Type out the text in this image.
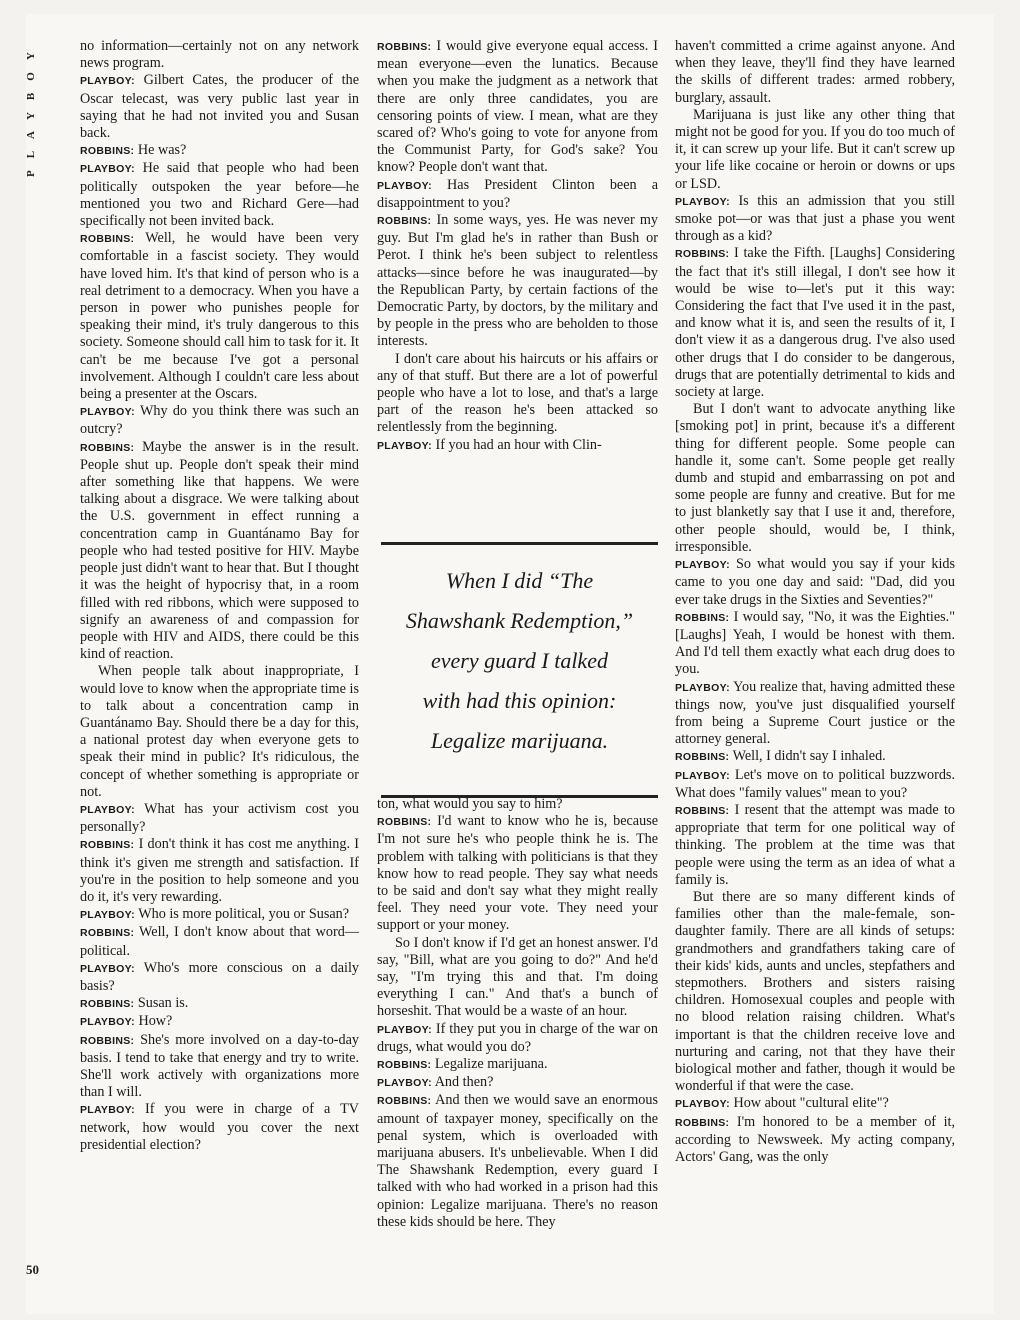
PLAYBOY
50

no information—certainly not on any network news program.

PLAYBOY: Gilbert Cates, the producer of the Oscar telecast, was very public last year in saying that he had not invited you and Susan back.

ROBBINS: He was?

PLAYBOY: He said that people who had been politically outspoken the year before—he mentioned you two and Richard Gere—had specifically not been invited back.

ROBBINS: Well, he would have been very comfortable in a fascist society. They would have loved him. It's that kind of person who is a real detriment to a democracy. When you have a person in power who punishes people for speaking their mind, it's truly dangerous to this society. Someone should call him to task for it. It can't be me because I've got a personal involvement. Although I couldn't care less about being a presenter at the Oscars.

PLAYBOY: Why do you think there was such an outcry?

ROBBINS: Maybe the answer is in the result. People shut up. People don't speak their mind after something like that happens. We were talking about a disgrace. We were talking about the U.S. government in effect running a concentration camp in Guantánamo Bay for people who had tested positive for HIV. Maybe people just didn't want to hear that. But I thought it was the height of hypocrisy that, in a room filled with red ribbons, which were supposed to signify an awareness of and compassion for people with HIV and AIDS, there could be this kind of reaction.

When people talk about inappropriate, I would love to know when the appropriate time is to talk about a concentration camp in Guantánamo Bay. Should there be a day for this, a national protest day when everyone gets to speak their mind in public? It's ridiculous, the concept of whether something is appropriate or not.

PLAYBOY: What has your activism cost you personally?

ROBBINS: I don't think it has cost me anything. I think it's given me strength and satisfaction. If you're in the position to help someone and you do it, it's very rewarding.

PLAYBOY: Who is more political, you or Susan?

ROBBINS: Well, I don't know about that word—political.

PLAYBOY: Who's more conscious on a daily basis?

ROBBINS: Susan is.

PLAYBOY: How?

ROBBINS: She's more involved on a day-to-day basis. I tend to take that energy and try to write. She'll work actively with organizations more than I will.

PLAYBOY: If you were in charge of a TV network, how would you cover the next presidential election?

ROBBINS: I would give everyone equal access. I mean everyone—even the lunatics. Because when you make the judgment as a network that there are only three candidates, you are censoring points of view. I mean, what are they scared of? Who's going to vote for anyone from the Communist Party, for God's sake? You know? People don't want that.

PLAYBOY: Has President Clinton been a disappointment to you?

ROBBINS: In some ways, yes. He was never my guy. But I'm glad he's in rather than Bush or Perot. I think he's been subject to relentless attacks—since before he was inaugurated—by the Republican Party, by certain factions of the Democratic Party, by doctors, by the military and by people in the press who are beholden to those interests.

I don't care about his haircuts or his affairs or any of that stuff. But there are a lot of powerful people who have a lot to lose, and that's a large part of the reason he's been attacked so relentlessly from the beginning.

PLAYBOY: If you had an hour with Clin-

When I did “The
Shawshank Redemption,”
every guard I talked
with had this opinion:
Legalize marijuana.

ton, what would you say to him?

ROBBINS: I'd want to know who he is, because I'm not sure he's who people think he is. The problem with talking with politicians is that they know how to read people. They say what needs to be said and don't say what they might really feel. They need your vote. They need your support or your money.

So I don't know if I'd get an honest answer. I'd say, "Bill, what are you going to do?" And he'd say, "I'm trying this and that. I'm doing everything I can." And that's a bunch of horseshit. That would be a waste of an hour.

PLAYBOY: If they put you in charge of the war on drugs, what would you do?

ROBBINS: Legalize marijuana.

PLAYBOY: And then?

ROBBINS: And then we would save an enormous amount of taxpayer money, specifically on the penal system, which is overloaded with marijuana abusers. It's unbelievable. When I did The Shawshank Redemption, every guard I talked with who had worked in a prison had this opinion: Legalize marijuana. There's no reason these kids should be here. They

haven't committed a crime against anyone. And when they leave, they'll find they have learned the skills of different trades: armed robbery, burglary, assault.

Marijuana is just like any other thing that might not be good for you. If you do too much of it, it can screw up your life. But it can't screw up your life like cocaine or heroin or downs or ups or LSD.

PLAYBOY: Is this an admission that you still smoke pot—or was that just a phase you went through as a kid?

ROBBINS: I take the Fifth. [Laughs] Considering the fact that it's still illegal, I don't see how it would be wise to—let's put it this way: Considering the fact that I've used it in the past, and know what it is, and seen the results of it, I don't view it as a dangerous drug. I've also used other drugs that I do consider to be dangerous, drugs that are potentially detrimental to kids and society at large.

But I don't want to advocate anything like [smoking pot] in print, because it's a different thing for different people. Some people can handle it, some can't. Some people get really dumb and stupid and embarrassing on pot and some people are funny and creative. But for me to just blanketly say that I use it and, therefore, other people should, would be, I think, irresponsible.

PLAYBOY: So what would you say if your kids came to you one day and said: "Dad, did you ever take drugs in the Sixties and Seventies?"

ROBBINS: I would say, "No, it was the Eighties." [Laughs] Yeah, I would be honest with them. And I'd tell them exactly what each drug does to you.

PLAYBOY: You realize that, having admitted these things now, you've just disqualified yourself from being a Supreme Court justice or the attorney general.

ROBBINS: Well, I didn't say I inhaled.

PLAYBOY: Let's move on to political buzzwords. What does "family values" mean to you?

ROBBINS: I resent that the attempt was made to appropriate that term for one political way of thinking. The problem at the time was that people were using the term as an idea of what a family is.

But there are so many different kinds of families other than the male-female, son-daughter family. There are all kinds of setups: grandmothers and grandfathers taking care of their kids' kids, aunts and uncles, stepfathers and stepmothers. Brothers and sisters raising children. Homosexual couples and people with no blood relation raising children. What's important is that the children receive love and nurturing and caring, not that they have their biological mother and father, though it would be wonderful if that were the case.

PLAYBOY: How about "cultural elite"?

ROBBINS: I'm honored to be a member of it, according to Newsweek. My acting company, Actors' Gang, was the only
